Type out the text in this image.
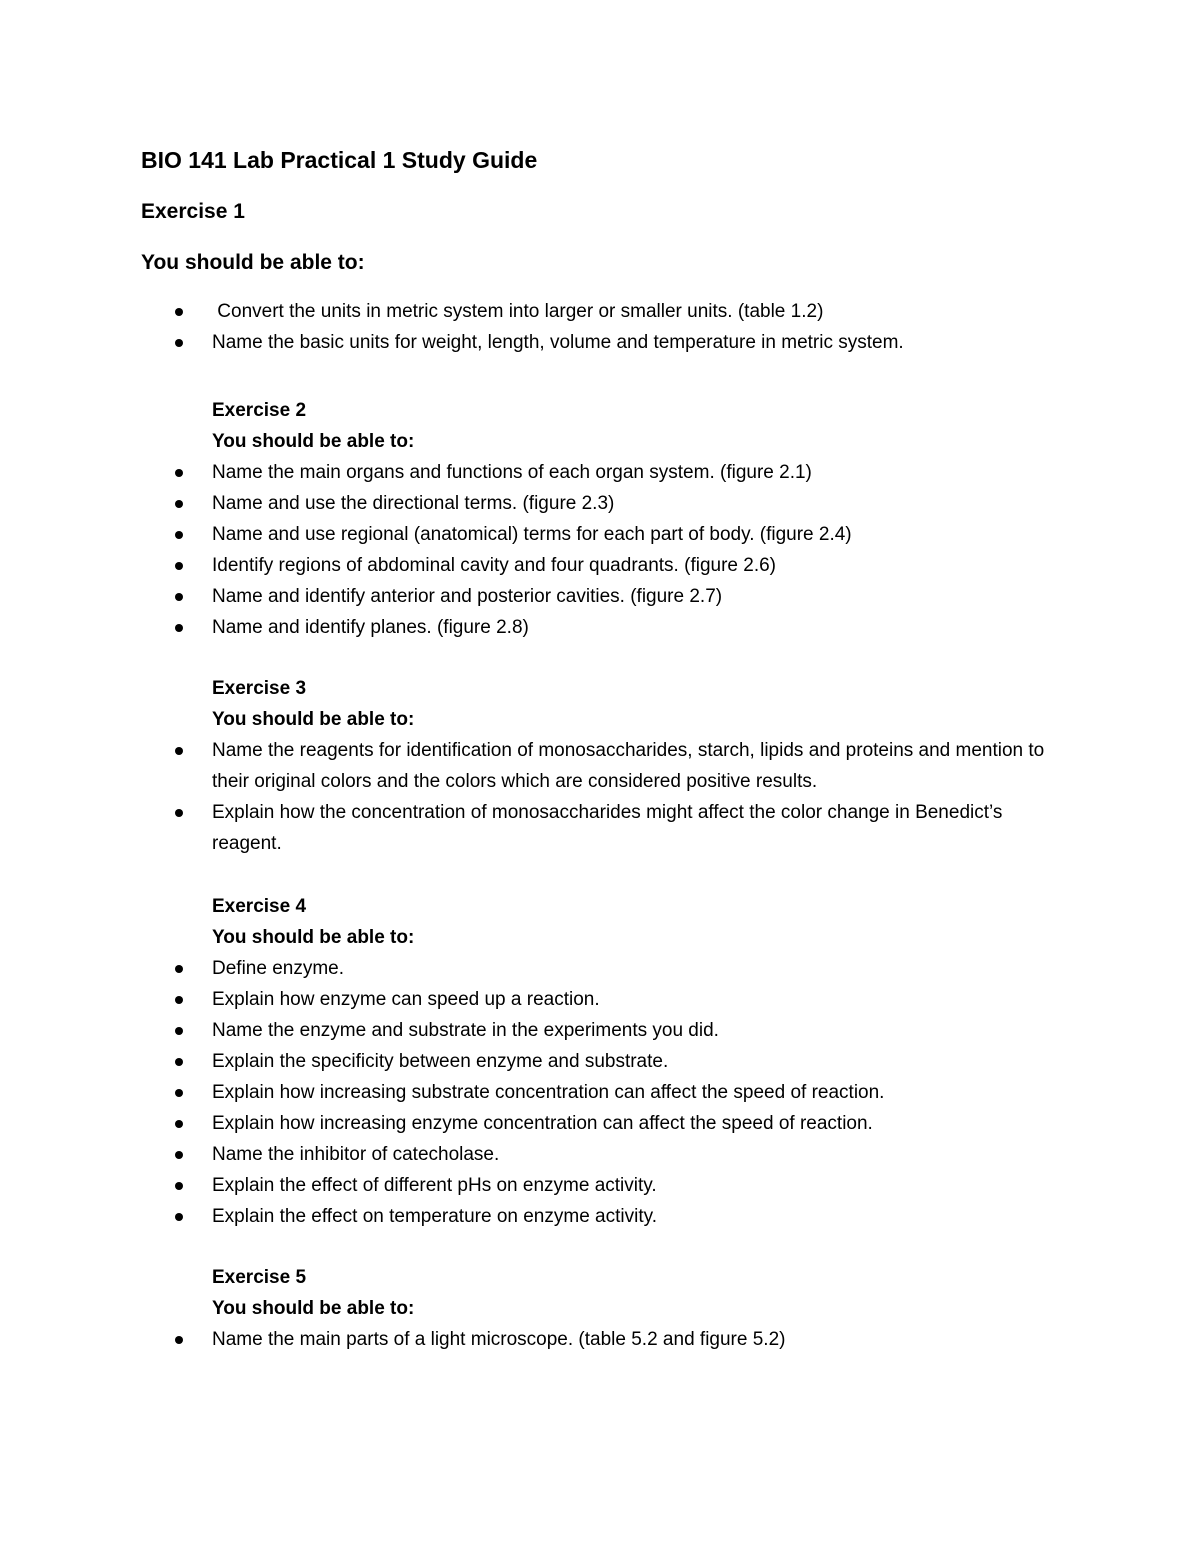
BIO 141 Lab Practical 1 Study Guide
Exercise 1
You should be able to:
Convert the units in metric system into larger or smaller units. (table 1.2)
Name the basic units for weight, length, volume and temperature in metric system.
Exercise 2
You should be able to:
Name the main organs and functions of each organ system. (figure 2.1)
Name and use the directional terms. (figure 2.3)
Name and use regional (anatomical) terms for each part of body. (figure 2.4)
Identify regions of abdominal cavity and four quadrants. (figure 2.6)
Name and identify anterior and posterior cavities. (figure 2.7)
Name and identify planes. (figure 2.8)
Exercise 3
You should be able to:
Name the reagents for identification of monosaccharides, starch, lipids and proteins and mention to their original colors and the colors which are considered positive results.
Explain how the concentration of monosaccharides might affect the color change in Benedict’s reagent.
Exercise 4
You should be able to:
Define enzyme.
Explain how enzyme can speed up a reaction.
Name the enzyme and substrate in the experiments you did.
Explain the specificity between enzyme and substrate.
Explain how increasing substrate concentration can affect the speed of reaction.
Explain how increasing enzyme concentration can affect the speed of reaction.
Name the inhibitor of catecholase.
Explain the effect of different pHs on enzyme activity.
Explain the effect on temperature on enzyme activity.
Exercise 5
You should be able to:
Name the main parts of a light microscope. (table 5.2 and figure 5.2)
